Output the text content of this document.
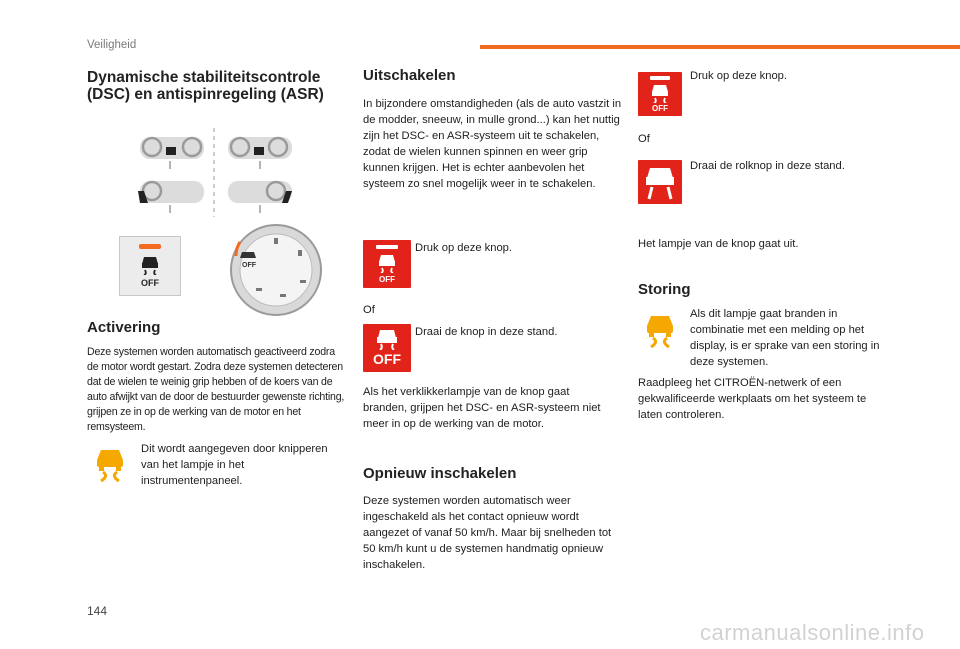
Veiligheid
Dynamische stabiliteitscontrole
(DSC) en antispinregeling (ASR)
OFF
OFF
Activering

Deze systemen worden automatisch geactiveerd zodra de motor wordt gestart. Zodra deze systemen detecteren dat de wielen te weinig grip hebben of de koers van de auto afwijkt van de door de bestuurder gewenste richting, grijpen ze in op de werking van de motor en het remsysteem.

Dit wordt aangegeven door knipperen van het lampje in het instrumentenpaneel.

Uitschakelen

In bijzondere omstandigheden (als de auto vastzit in de modder, sneeuw, in mulle grond...) kan het nuttig zijn het DSC- en ASR-systeem uit te schakelen, zodat de wielen kunnen spinnen en weer grip kunnen krijgen. Het is echter aanbevolen het systeem zo snel mogelijk weer in te schakelen.

OFF

Druk op deze knop.

Of

OFF

Draai de knop in deze stand.

Als het verklikkerlampje van de knop gaat branden, grijpen het DSC- en ASR-systeem niet meer in op de werking van de motor.

Opnieuw inschakelen

Deze systemen worden automatisch weer ingeschakeld als het contact opnieuw wordt aangezet of vanaf 50 km/h. Maar bij snelheden tot 50 km/h kunt u de systemen handmatig opnieuw inschakelen.

OFF

Druk op deze knop.

Of

Draai de rolknop in deze stand.

Het lampje van de knop gaat uit.

Storing

Als dit lampje gaat branden in combinatie met een melding op het display, is er sprake van een storing in deze systemen.

Raadpleeg het CITROËN-netwerk of een gekwalificeerde werkplaats om het systeem te laten controleren.

144
carmanualsonline.info
